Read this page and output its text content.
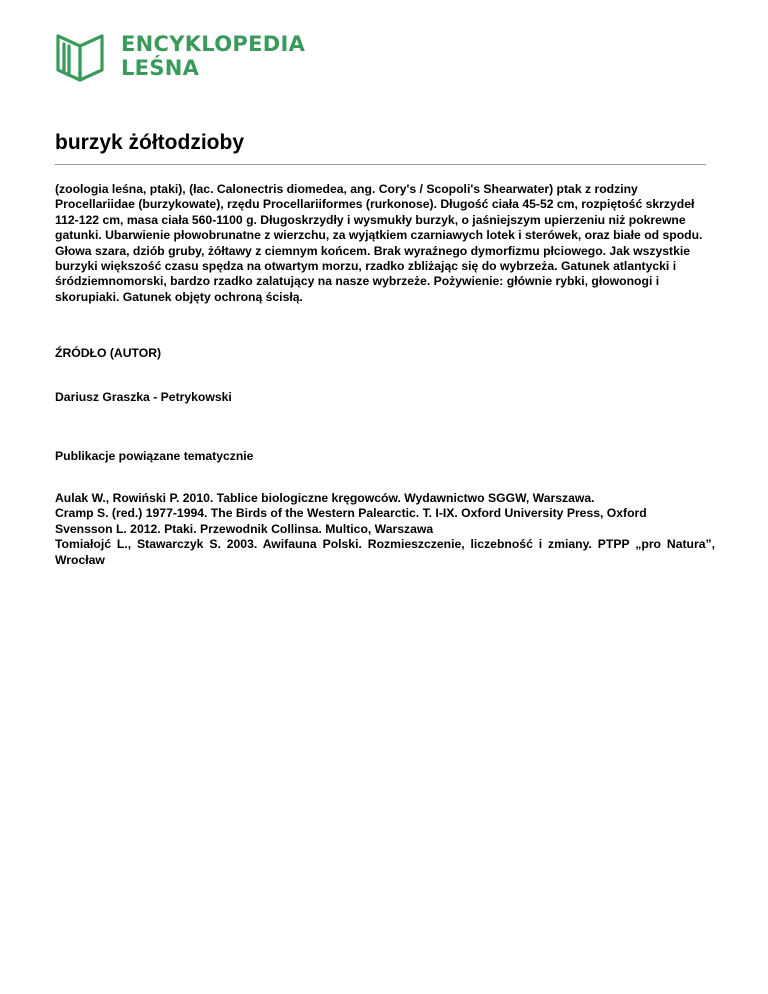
ENCYKLOPEDIA
LEŚNA
burzyk żółtodzioby
(zoologia leśna, ptaki), (łac. Calonectris diomedea, ang. Cory's / Scopoli's Shearwater) ptak z rodziny Procellariidae (burzykowate), rzędu Procellariiformes (rurkonose). Długość ciała 45-52 cm, rozpiętość skrzydeł 112-122 cm, masa ciała 560-1100 g. Długoskrzydły i wysmukły burzyk, o jaśniejszym upierzeniu niż pokrewne gatunki. Ubarwienie płowobrunatne z wierzchu, za wyjątkiem czarniawych lotek i sterówek, oraz białe od spodu. Głowa szara, dziób gruby, żółtawy z ciemnym końcem. Brak wyraźnego dymorfizmu płciowego. Jak wszystkie burzyki większość czasu spędza na otwartym morzu, rzadko zbliżając się do wybrzeża. Gatunek atlantycki i śródziemnomorski, bardzo rzadko zalatujący na nasze wybrzeże. Pożywienie: głównie rybki, głowonogi i skorupiaki. Gatunek objęty ochroną ścisłą.
ŹRÓDŁO (AUTOR)
Dariusz Graszka - Petrykowski
Publikacje powiązane tematycznie
Aulak W., Rowiński P. 2010. Tablice biologiczne kręgowców. Wydawnictwo SGGW, Warszawa.
Cramp S. (red.) 1977-1994. The Birds of the Western Palearctic. T. I-IX. Oxford University Press, Oxford
Svensson L. 2012. Ptaki. Przewodnik Collinsa. Multico, Warszawa
Tomiałojć L., Stawarczyk S. 2003. Awifauna Polski. Rozmieszczenie, liczebność i zmiany. PTPP „pro Natura”, Wrocław
